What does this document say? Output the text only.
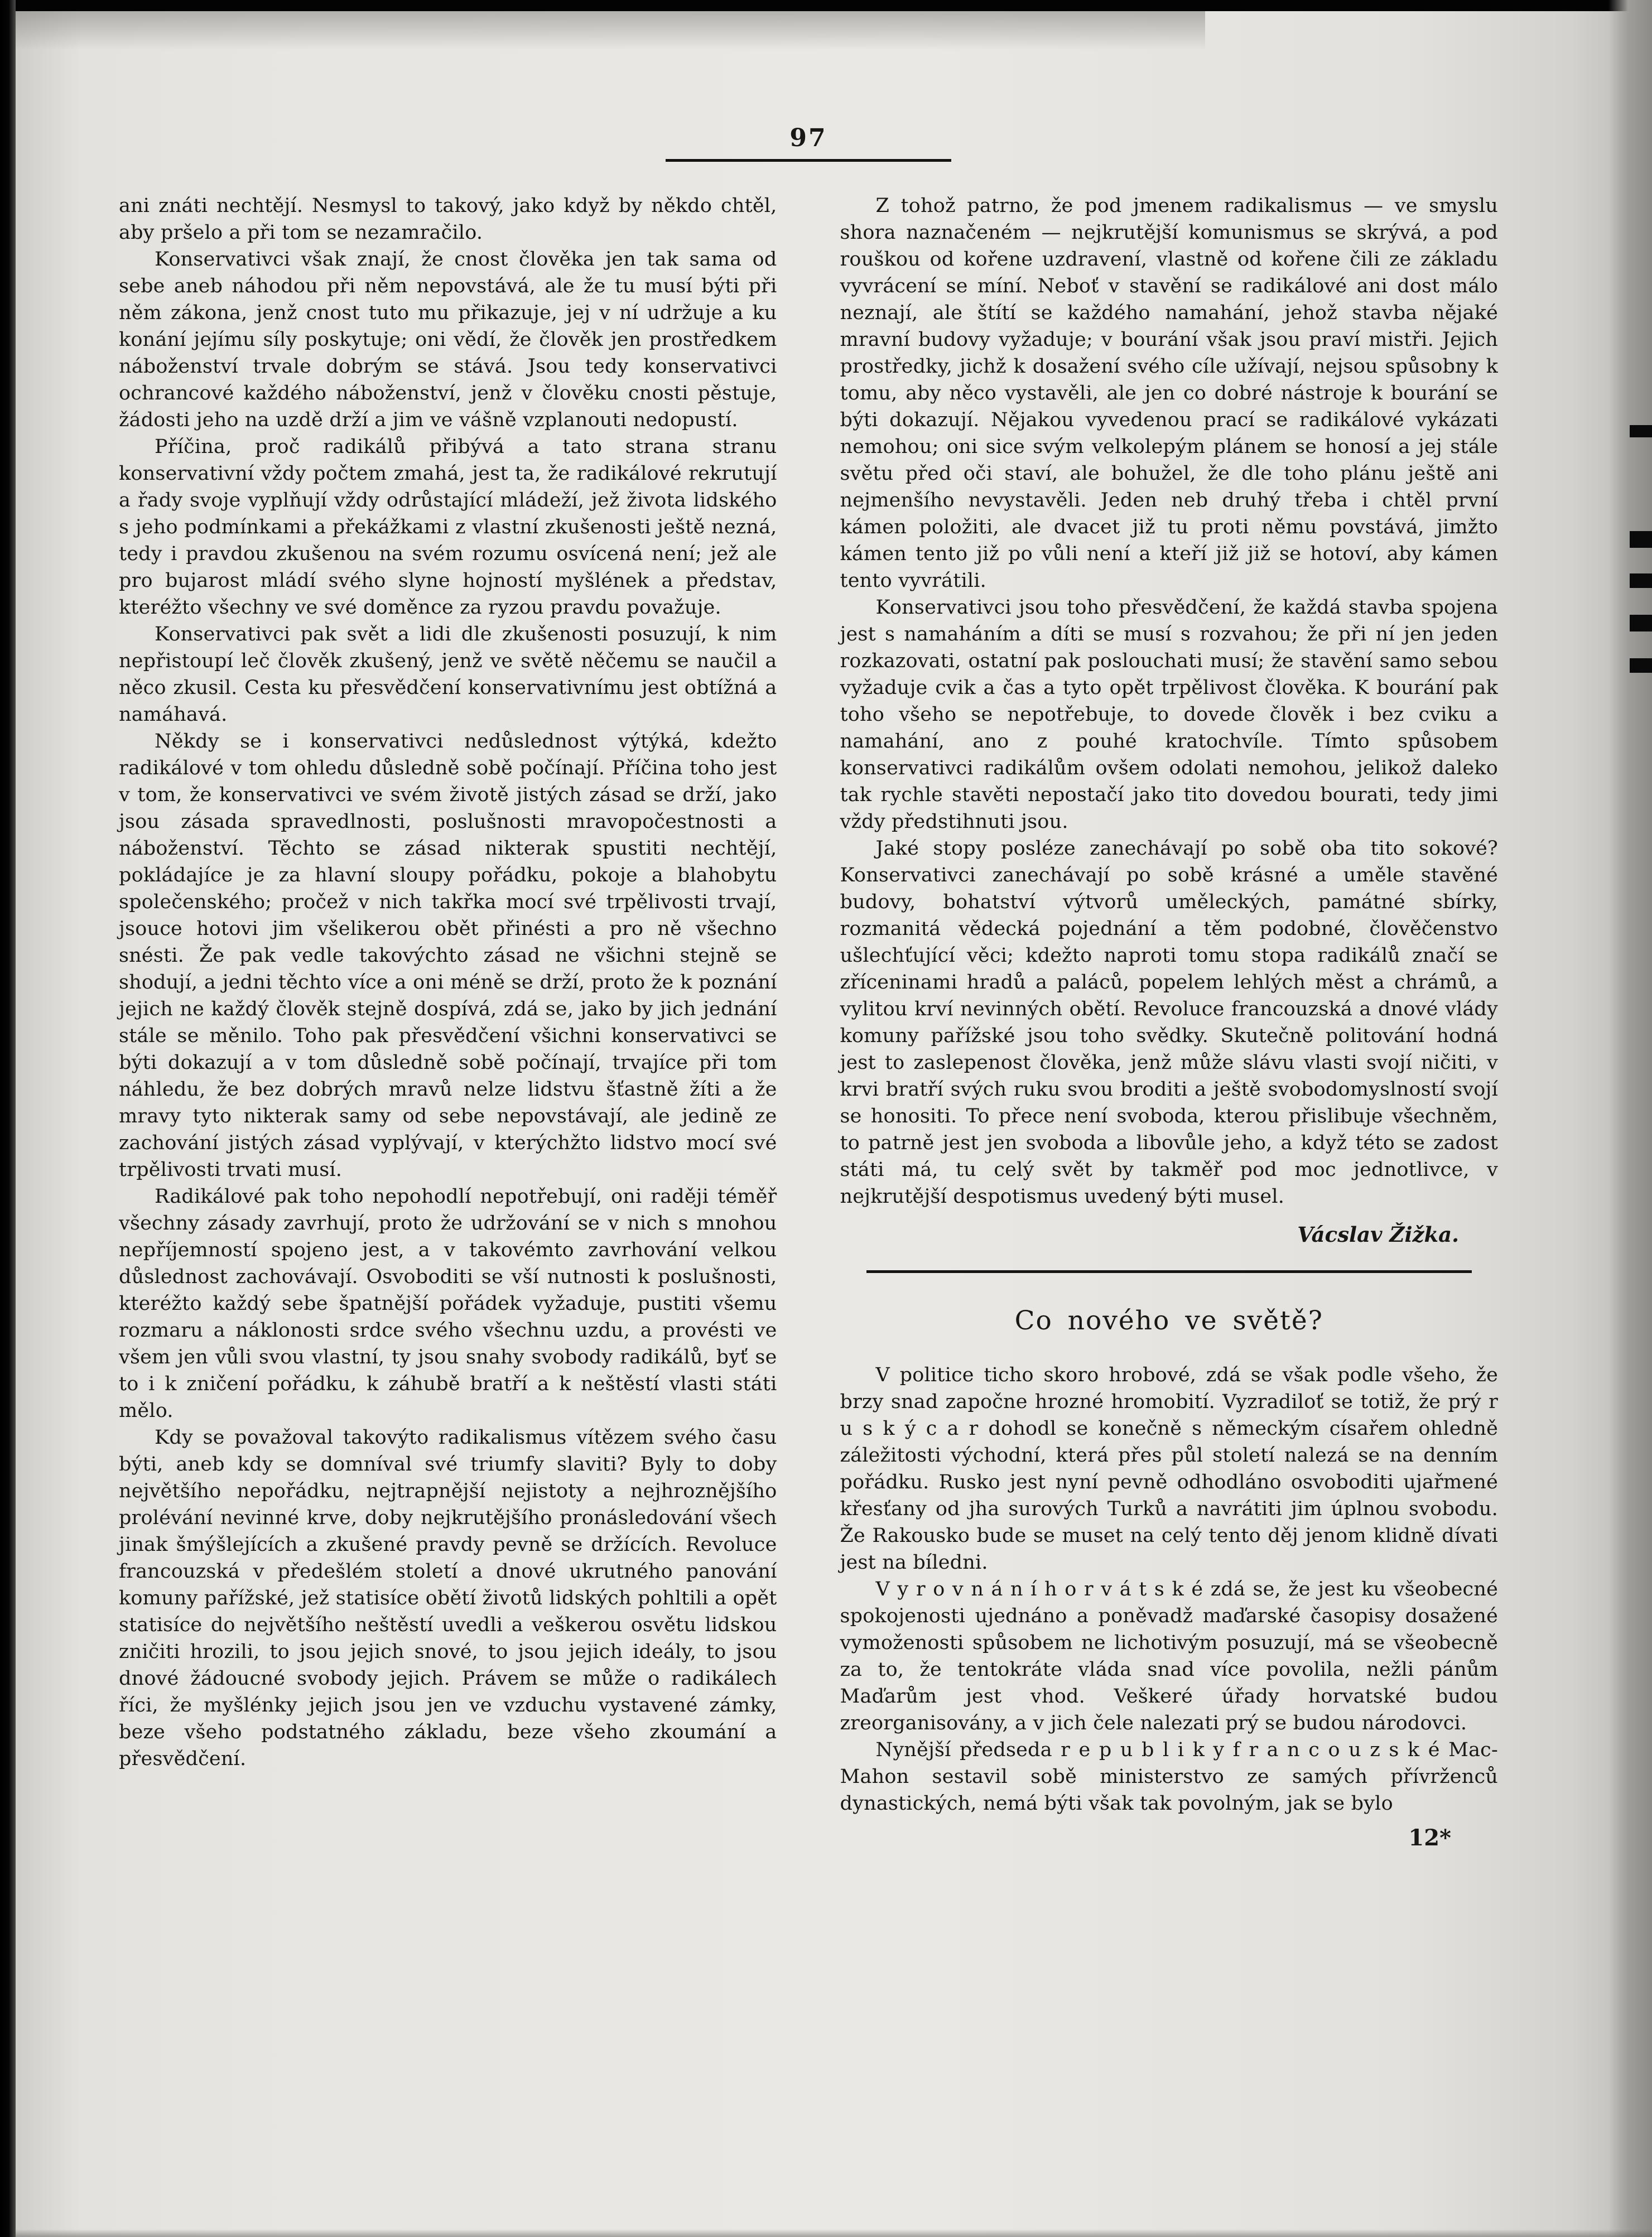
97

ani znáti nechtějí. Nesmysl to takový, jako když by někdo chtěl, aby pršelo a při tom se nezamračilo.

Konservativci však znají, že cnost člověka jen tak sama od sebe aneb náhodou při něm nepovstává, ale že tu musí býti při něm zákona, jenž cnost tuto mu přikazuje, jej v ní udržuje a ku konání jejímu síly poskytuje; oni vědí, že člověk jen prostředkem náboženství trvale dobrým se stává. Jsou tedy konservativci ochrancové každého náboženství, jenž v člověku cnosti pěstuje, žádosti jeho na uzdě drží a jim ve vášně vzplanouti nedopustí.

Příčina, proč radikálů přibývá a tato strana stranu konservativní vždy počtem zmahá, jest ta, že radikálové rekrutují a řady svoje vyplňují vždy odrůstající mládeží, jež života lidského s jeho podmínkami a překážkami z vlastní zkušenosti ještě nezná, tedy i pravdou zkušenou na svém rozumu osvícená není; jež ale pro bujarost mládí svého slyne hojností myšlének a představ, kteréžto všechny ve své doměnce za ryzou pravdu považuje.

Konservativci pak svět a lidi dle zkušenosti posuzují, k nim nepřistoupí leč člověk zkušený, jenž ve světě něčemu se naučil a něco zkusil. Cesta ku přesvědčení konservativnímu jest obtížná a namáhavá.

Někdy se i konservativci nedůslednost výtýká, kdežto radikálové v tom ohledu důsledně sobě počínají. Příčina toho jest v tom, že konservativci ve svém životě jistých zásad se drží, jako jsou zásada spravedlnosti, poslušnosti mravopočestnosti a náboženství. Těchto se zásad nikterak spustiti nechtějí, pokládajíce je za hlavní sloupy pořádku, pokoje a blahobytu společenského; pročež v nich takřka mocí své trpělivosti trvají, jsouce hotovi jim všelikerou obět přinésti a pro ně všechno snésti. Že pak vedle takovýchto zásad ne všichni stejně se shodují, a jedni těchto více a oni méně se drží, proto že k poznání jejich ne každý člověk stejně dospívá, zdá se, jako by jich jednání stále se měnilo. Toho pak přesvědčení všichni konservativci se býti dokazují a v tom důsledně sobě počínají, trvajíce při tom náhledu, že bez dobrých mravů nelze lidstvu šťastně žíti a že mravy tyto nikterak samy od sebe nepovstávají, ale jedině ze zachování jistých zásad vyplývají, v kterýchžto lidstvo mocí své trpělivosti trvati musí.

Radikálové pak toho nepohodlí nepotřebují, oni raději téměř všechny zásady zavrhují, proto že udržování se v nich s mnohou nepříjemností spojeno jest, a v takovémto zavrhování velkou důslednost zachovávají. Osvoboditi se vší nutnosti k poslušnosti, kteréžto každý sebe špatnější pořádek vyžaduje, pustiti všemu rozmaru a náklonosti srdce svého všechnu uzdu, a provésti ve všem jen vůli svou vlastní, ty jsou snahy svobody radikálů, byť se to i k zničení pořádku, k záhubě bratří a k neštěstí vlasti státi mělo.

Kdy se považoval takovýto radikalismus vítězem svého času býti, aneb kdy se domníval své triumfy slaviti? Byly to doby největšího nepořádku, nejtrapnější nejistoty a nejhroznějšího prolévání nevinné krve, doby nejkrutějšího pronásledování všech jinak šmýšlejících a zkušené pravdy pevně se držících. Revoluce francouzská v předešlém století a dnové ukrutného panování komuny pařížské, jež statisíce obětí životů lidských pohltili a opět statisíce do největšího neštěstí uvedli a veškerou osvětu lidskou zničiti hrozili, to jsou jejich snové, to jsou jejich ideály, to jsou dnové žádoucné svobody jejich. Právem se může o radikálech říci, že myšlénky jejich jsou jen ve vzduchu vystavené zámky, beze všeho podstatného základu, beze všeho zkoumání a přesvědčení.

Z tohož patrno, že pod jmenem radikalismus — ve smyslu shora naznačeném — nejkrutější komunismus se skrývá, a pod rouškou od kořene uzdravení, vlastně od kořene čili ze základu vyvrácení se míní. Neboť v stavění se radikálové ani dost málo neznají, ale štítí se každého namahání, jehož stavba nějaké mravní budovy vyžaduje; v bourání však jsou praví mistři. Jejich prostředky, jichž k dosažení svého cíle užívají, nejsou spůsobny k tomu, aby něco vystavěli, ale jen co dobré nástroje k bourání se býti dokazují. Nějakou vyvedenou prací se radikálové vykázati nemohou; oni sice svým velkolepým plánem se honosí a jej stále světu před oči staví, ale bohužel, že dle toho plánu ještě ani nejmenšího nevystavěli. Jeden neb druhý třeba i chtěl první kámen položiti, ale dvacet již tu proti němu povstává, jimžto kámen tento již po vůli není a kteří již již se hotoví, aby kámen tento vyvrátili.

Konservativci jsou toho přesvědčení, že každá stavba spojena jest s namaháním a díti se musí s rozvahou; že při ní jen jeden rozkazovati, ostatní pak poslouchati musí; že stavění samo sebou vyžaduje cvik a čas a tyto opět trpělivost člověka. K bourání pak toho všeho se nepotřebuje, to dovede člověk i bez cviku a namahání, ano z pouhé kratochvíle. Tímto spůsobem konservativci radikálům ovšem odolati nemohou, jelikož daleko tak rychle stavěti nepostačí jako tito dovedou bourati, tedy jimi vždy předstihnuti jsou.

Jaké stopy posléze zanechávají po sobě oba tito sokové? Konservativci zanechávají po sobě krásné a uměle stavěné budovy, bohatství výtvorů uměleckých, památné sbírky, rozmanitá vědecká pojednání a těm podobné, člověčenstvo ušlechťující věci; kdežto naproti tomu stopa radikálů značí se zříceninami hradů a paláců, popelem lehlých měst a chrámů, a vylitou krví nevinných obětí. Revoluce francouzská a dnové vlády komuny pařížské jsou toho svědky. Skutečně politování hodná jest to zaslepenost člověka, jenž může slávu vlasti svojí ničiti, v krvi bratří svých ruku svou broditi a ještě svobodomyslností svojí se honositi. To přece není svoboda, kterou přislibuje všechněm, to patrně jest jen svoboda a libovůle jeho, a když této se zadost státi má, tu celý svět by takměř pod moc jednotlivce, v nejkrutější despotismus uvedený býti musel.

Vácslav Žižka.
Co nového ve světě?

V politice ticho skoro hrobové, zdá se však podle všeho, že brzy snad započne hrozné hromobití. Vyzradiloť se totiž, že prý r u s k ý c a r dohodl se konečně s německým císařem ohledně záležitosti východní, která přes půl století nalezá se na denním pořádku. Rusko jest nyní pevně odhodláno osvoboditi ujařmené křesťany od jha surových Turků a navrátiti jim úplnou svobodu. Že Rakousko bude se muset na celý tento děj jenom klidně dívati jest na bíledni.

V y r o v n á n í h o r v á t s k é zdá se, že jest ku všeobecné spokojenosti ujednáno a poněvadž maďarské časopisy dosažené vymoženosti spůsobem ne lichotivým posuzují, má se všeobecně za to, že tentokráte vláda snad více povolila, nežli pánům Maďarům jest vhod. Veškeré úřady horvatské budou zreorganisovány, a v jich čele nalezati prý se budou národovci.

Nynější předseda r e p u b l i k y f r a n c o u z s k é Mac-Mahon sestavil sobě ministerstvo ze samých přívrženců dynastických, nemá býti však tak povolným, jak se bylo

12*
